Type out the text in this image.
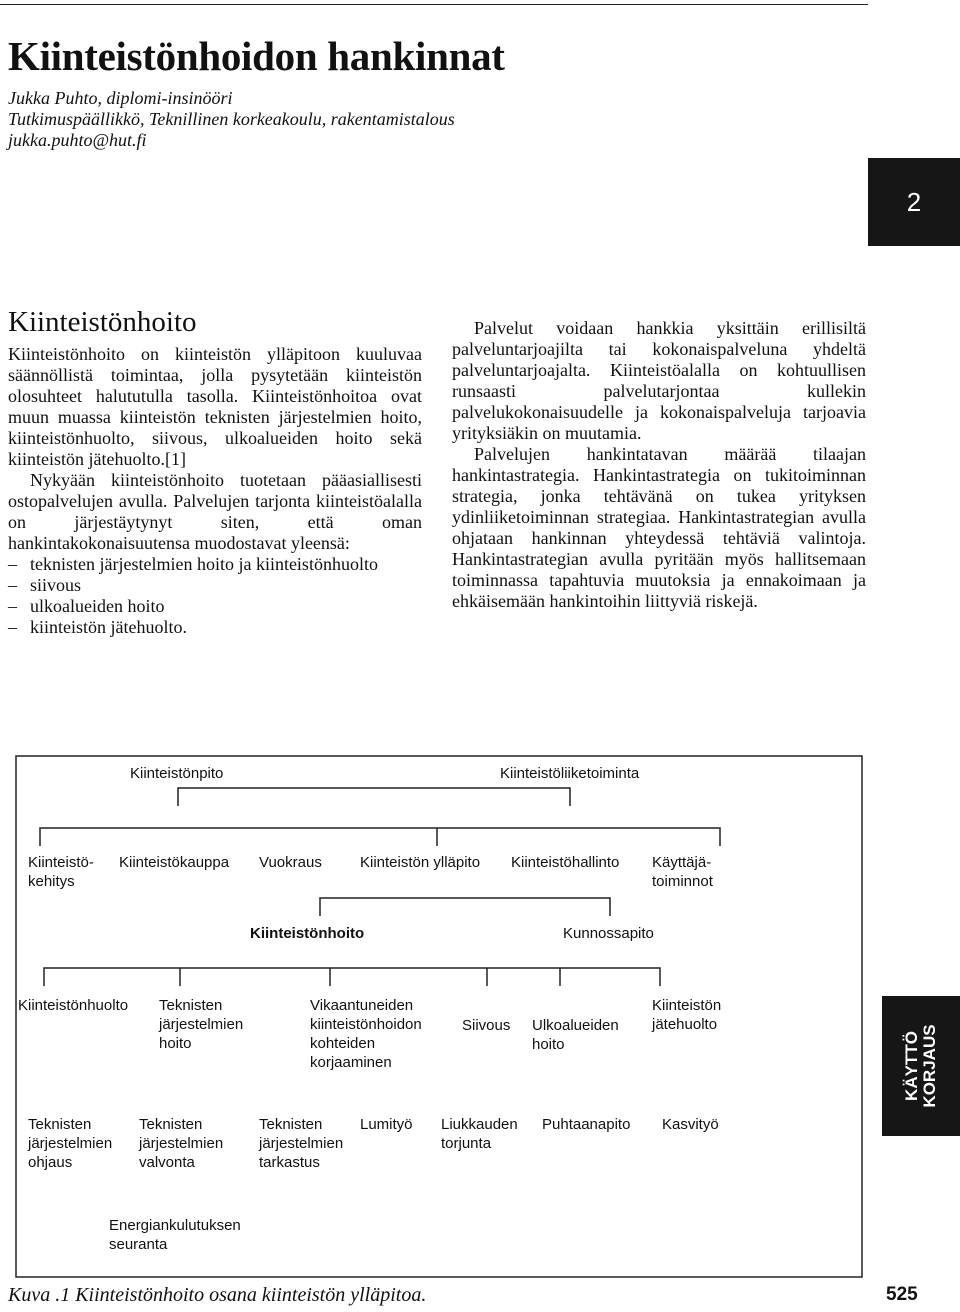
Kiinteistönhoidon hankinnat
Jukka Puhto, diplomi-insinööri
Tutkimuspäällikkö, Teknillinen korkeakoulu, rakentamistalous
jukka.puhto@hut.fi
2
KÄYTTÖ KORJAUS
Kiinteistönhoito

Kiinteistönhoito on kiinteistön ylläpitoon kuuluvaa säännöllistä toimintaa, jolla pysytetään kiinteistön olosuhteet halututulla tasolla. Kiinteistönhoitoa ovat muun muassa kiinteistön teknisten järjestelmien hoito, kiinteistönhuolto, siivous, ulkoalueiden hoito sekä kiinteistön jätehuolto.[1]

Nykyään kiinteistönhoito tuotetaan pääasiallisesti ostopalvelujen avulla. Palvelujen tarjonta kiinteistöalalla on järjestäytynyt siten, että oman hankintakokonaisuutensa muodostavat yleensä:

– teknisten järjestelmien hoito ja kiinteistönhuolto
– siivous
– ulkoalueiden hoito
– kiinteistön jätehuolto.

Palvelut voidaan hankkia yksittäin erillisiltä palveluntarjoajilta tai kokonaispalveluna yhdeltä palveluntarjoajalta. Kiinteistöalalla on kohtuullisen runsaasti palvelutarjontaa kullekin palvelukokonaisuudelle ja kokonaispalveluja tarjoavia yrityksiäkin on muutamia.

Palvelujen hankintatavan määrää tilaajan hankintastrategia. Hankintastrategia on tukitoiminnan strategia, jonka tehtävänä on tukea yrityksen ydinliiketoiminnan strategiaa. Hankintastrategian avulla ohjataan hankinnan yhteydessä tehtäviä valintoja. Hankintastrategian avulla pyritään myös hallitsemaan toiminnassa tapahtuvia muutoksia ja ennakoimaan ja ehkäisemään hankintoihin liittyviä riskejä.

Kiinteistönpito	Kiinteistöliiketoiminta
Kiinteistö-
kehitys
Kiinteistökauppa Vuokraus	Kiinteistön ylläpito Kiinteistöhallinto Käyttäjä-
toiminnot
Kiinteistönhoito	Kunnossapito
Kiinteistönhuolto Teknisten
järjestelmien
hoito
Vikaantuneiden
kiinteistönhoidon
kohteiden
korjaaminen
Siivous Ulkoalueiden
hoito
Kiinteistön
jätehuolto
Teknisten
järjestelmien
ohjaus
Teknisten
järjestelmien
valvonta
Teknisten
järjestelmien
tarkastus
Lumityö Liukkauden
torjunta
Puhtaanapito Kasvityö
Energiankulutuksen
seuranta
Kuva .1 Kiinteistönhoito osana kiinteistön ylläpitoa.	525
